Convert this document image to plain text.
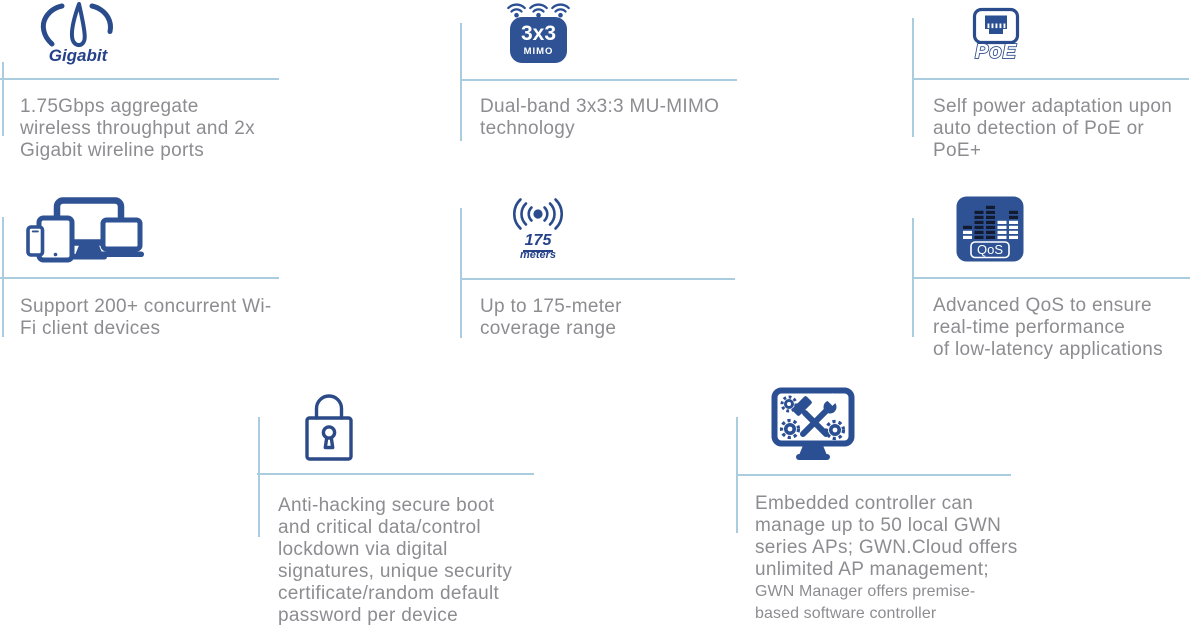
Gigabit
1.75Gbps aggregate
wireless throughput and 2x
Gigabit wireline ports
3x3
MIMO
Dual-band 3x3:3 MU-MIMO
technology
PoE
Self power adaptation upon
auto detection of PoE or
PoE+
Support 200+ concurrent Wi-
Fi client devices
175
meters
Up to 175-meter
coverage range
QoS
Advanced QoS to ensure
real-time performance
of low-latency applications
Anti-hacking secure boot
and critical data/control
lockdown via digital
signatures, unique security
certificate/random default
password per device
Embedded controller can
manage up to 50 local GWN
series APs; GWN.Cloud offers
unlimited AP management;
GWN Manager offers premise-
based software controller
